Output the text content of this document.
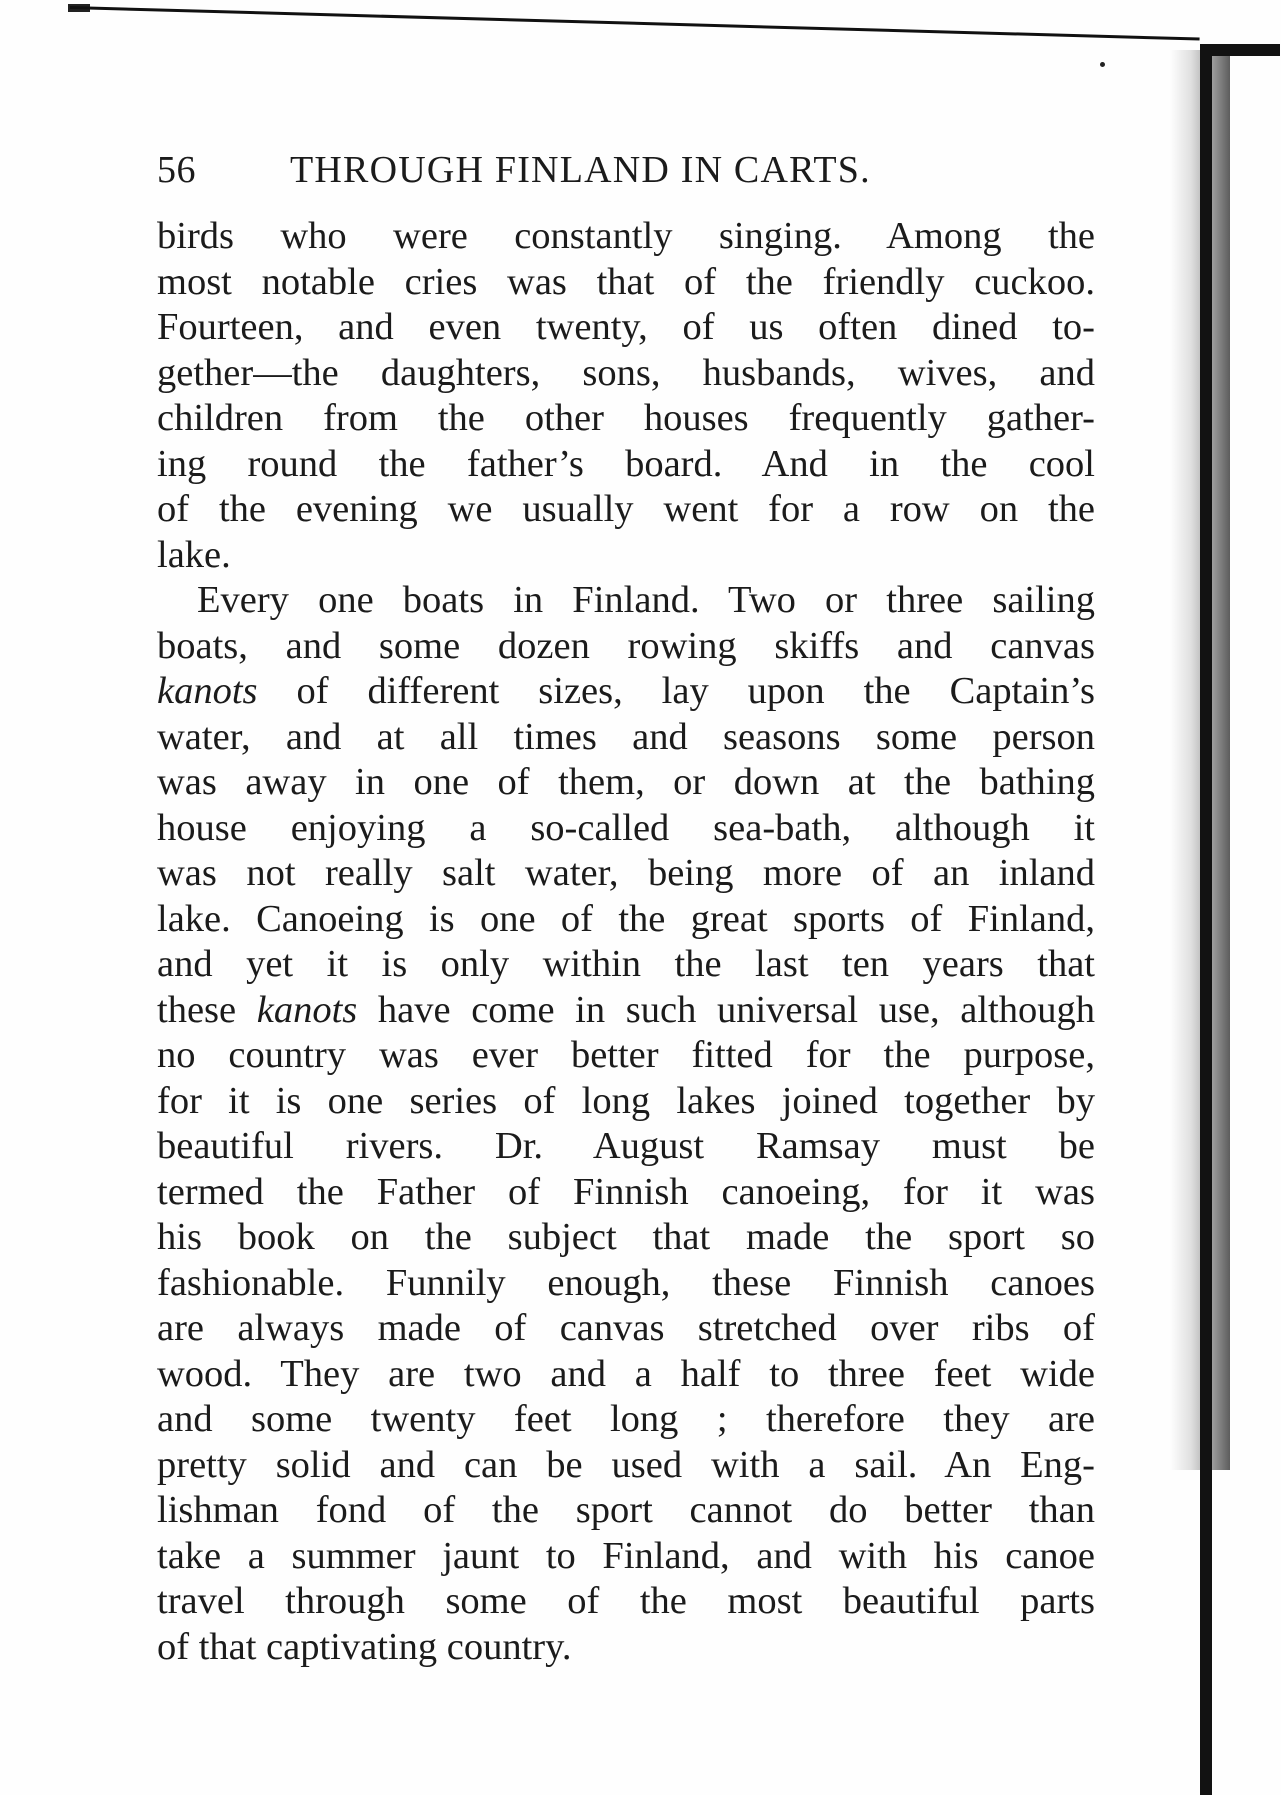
56 THROUGH FINLAND IN CARTS.
birds who were constantly singing. Among the
most notable cries was that of the friendly cuckoo.
Fourteen, and even twenty, of us often dined to-
gether—the daughters, sons, husbands, wives, and
children from the other houses frequently gather-
ing round the father’s board. And in the cool
of the evening we usually went for a row on the
lake.
Every one boats in Finland. Two or three sailing
boats, and some dozen rowing skiffs and canvas
kanots of different sizes, lay upon the Captain’s
water, and at all times and seasons some person
was away in one of them, or down at the bathing
house enjoying a so-called sea-bath, although it
was not really salt water, being more of an inland
lake. Canoeing is one of the great sports of Finland,
and yet it is only within the last ten years that
these kanots have come in such universal use, although
no country was ever better fitted for the purpose,
for it is one series of long lakes joined together by
beautiful rivers. Dr. August Ramsay must be
termed the Father of Finnish canoeing, for it was
his book on the subject that made the sport so
fashionable. Funnily enough, these Finnish canoes
are always made of canvas stretched over ribs of
wood. They are two and a half to three feet wide
and some twenty feet long ; therefore they are
pretty solid and can be used with a sail. An Eng-
lishman fond of the sport cannot do better than
take a summer jaunt to Finland, and with his canoe
travel through some of the most beautiful parts
of that captivating country.
